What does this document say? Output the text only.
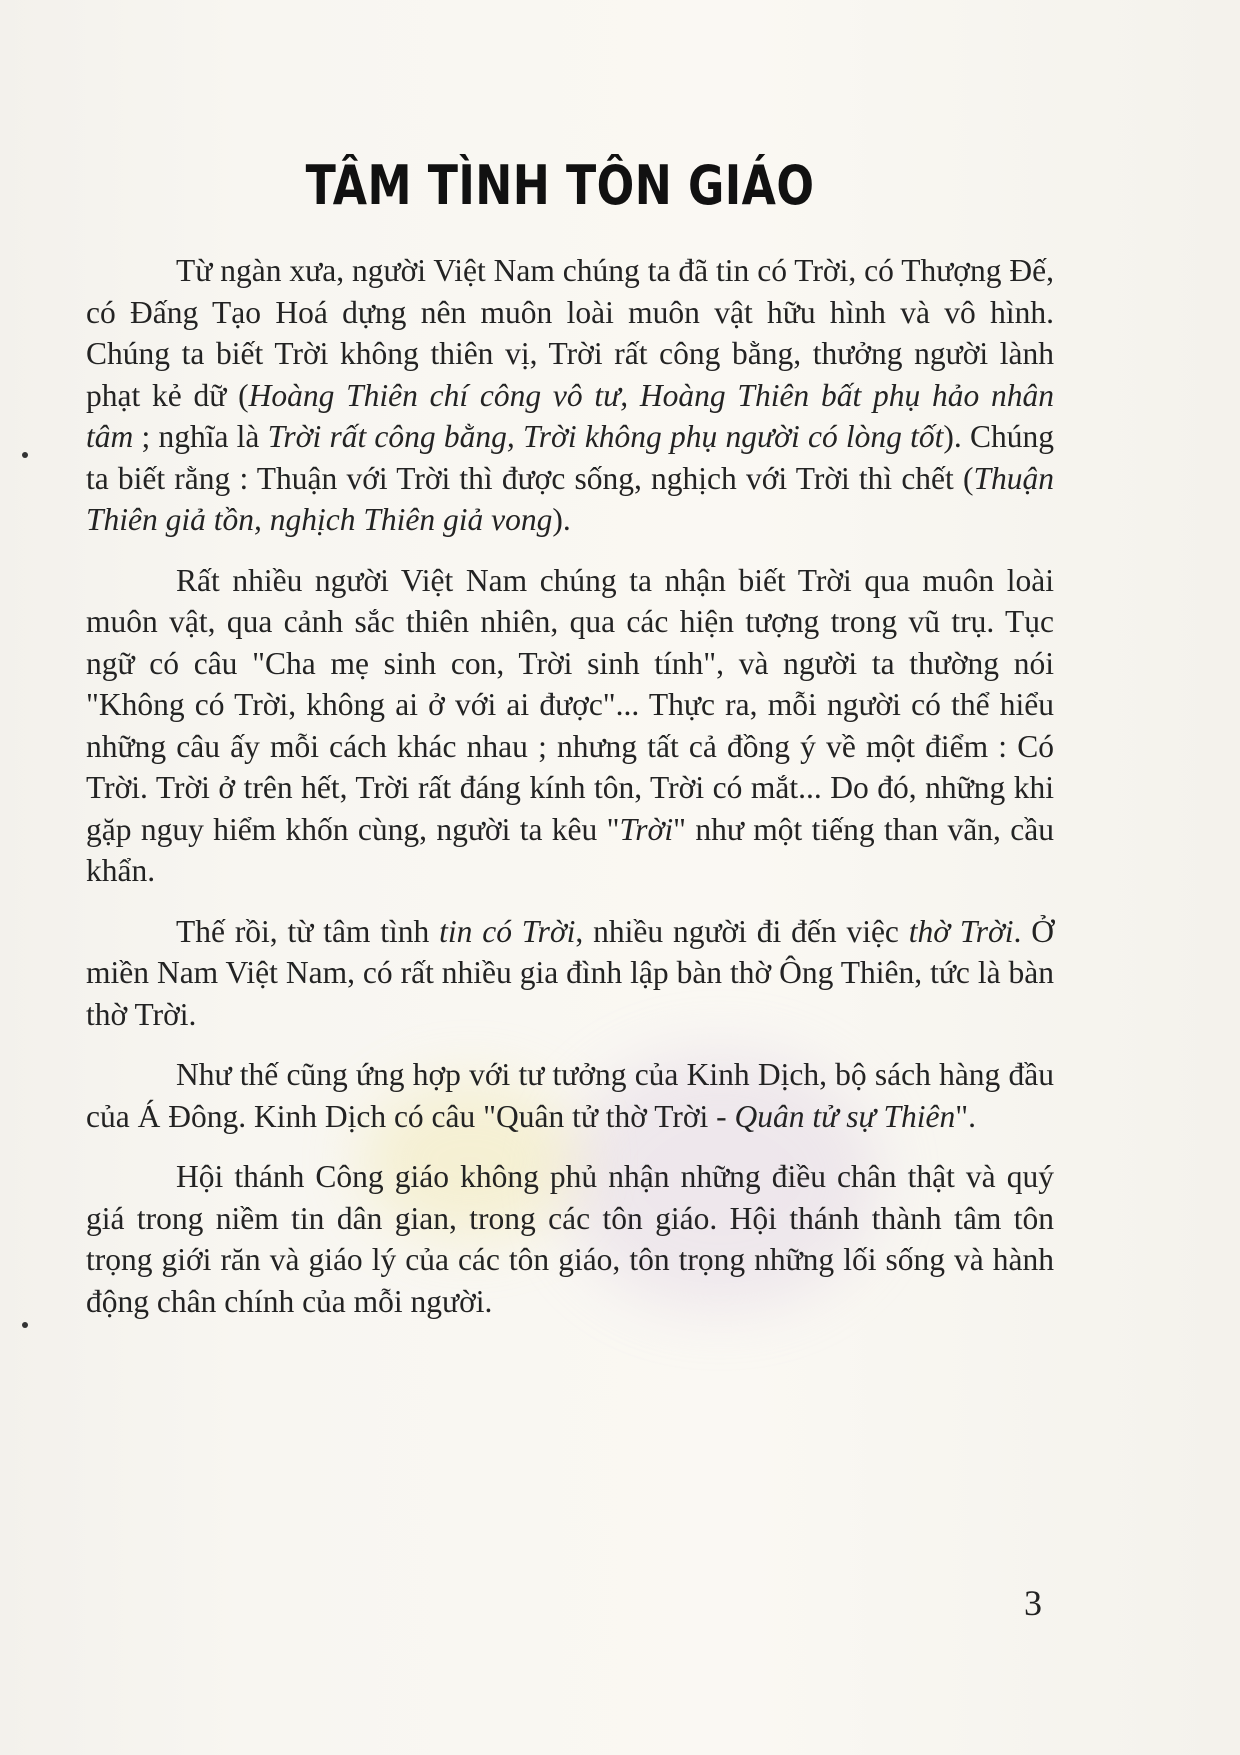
TÂM TÌNH TÔN GIÁO

Từ ngàn xưa, người Việt Nam chúng ta đã tin có Trời, có Thượng Đế, có Đấng Tạo Hoá dựng nên muôn loài muôn vật hữu hình và vô hình. Chúng ta biết Trời không thiên vị, Trời rất công bằng, thưởng người lành phạt kẻ dữ (Hoàng Thiên chí công vô tư, Hoàng Thiên bất phụ hảo nhân tâm ; nghĩa là Trời rất công bằng, Trời không phụ người có lòng tốt). Chúng ta biết rằng : Thuận với Trời thì được sống, nghịch với Trời thì chết (Thuận Thiên giả tồn, nghịch Thiên giả vong).

Rất nhiều người Việt Nam chúng ta nhận biết Trời qua muôn loài muôn vật, qua cảnh sắc thiên nhiên, qua các hiện tượng trong vũ trụ. Tục ngữ có câu "Cha mẹ sinh con, Trời sinh tính", và người ta thường nói "Không có Trời, không ai ở với ai được"... Thực ra, mỗi người có thể hiểu những câu ấy mỗi cách khác nhau ; nhưng tất cả đồng ý về một điểm : Có Trời. Trời ở trên hết, Trời rất đáng kính tôn, Trời có mắt... Do đó, những khi gặp nguy hiểm khốn cùng, người ta kêu "Trời" như một tiếng than vãn, cầu khẩn.

Thế rồi, từ tâm tình tin có Trời, nhiều người đi đến việc thờ Trời. Ở miền Nam Việt Nam, có rất nhiều gia đình lập bàn thờ Ông Thiên, tức là bàn thờ Trời.

Như thế cũng ứng hợp với tư tưởng của Kinh Dịch, bộ sách hàng đầu của Á Đông. Kinh Dịch có câu "Quân tử thờ Trời - Quân tử sự Thiên".

Hội thánh Công giáo không phủ nhận những điều chân thật và quý giá trong niềm tin dân gian, trong các tôn giáo. Hội thánh thành tâm tôn trọng giới răn và giáo lý của các tôn giáo, tôn trọng những lối sống và hành động chân chính của mỗi người.

3
